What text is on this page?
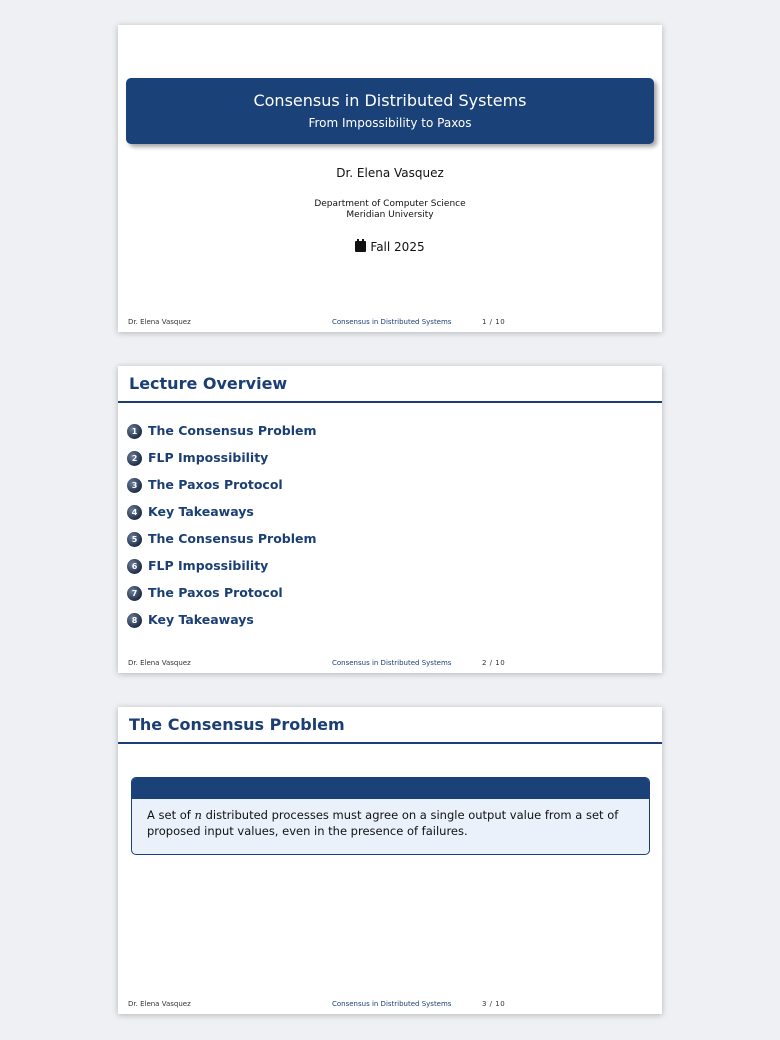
Consensus in Distributed Systems
From Impossibility to Paxos
Dr. Elena Vasquez
Department of Computer Science
Meridian University
Fall 2025
Dr. Elena Vasquez	Consensus in Distributed Systems	1 / 10
Lecture Overview
1 The Consensus Problem
2 FLP Impossibility
3 The Paxos Protocol
4 Key Takeaways
5 The Consensus Problem
6 FLP Impossibility
7 The Paxos Protocol
8 Key Takeaways
Dr. Elena Vasquez	Consensus in Distributed Systems	2 / 10
The Consensus Problem
A set of n distributed processes must agree on a single output value from a set of proposed input values, even in the presence of failures.
Dr. Elena Vasquez	Consensus in Distributed Systems	3 / 10
